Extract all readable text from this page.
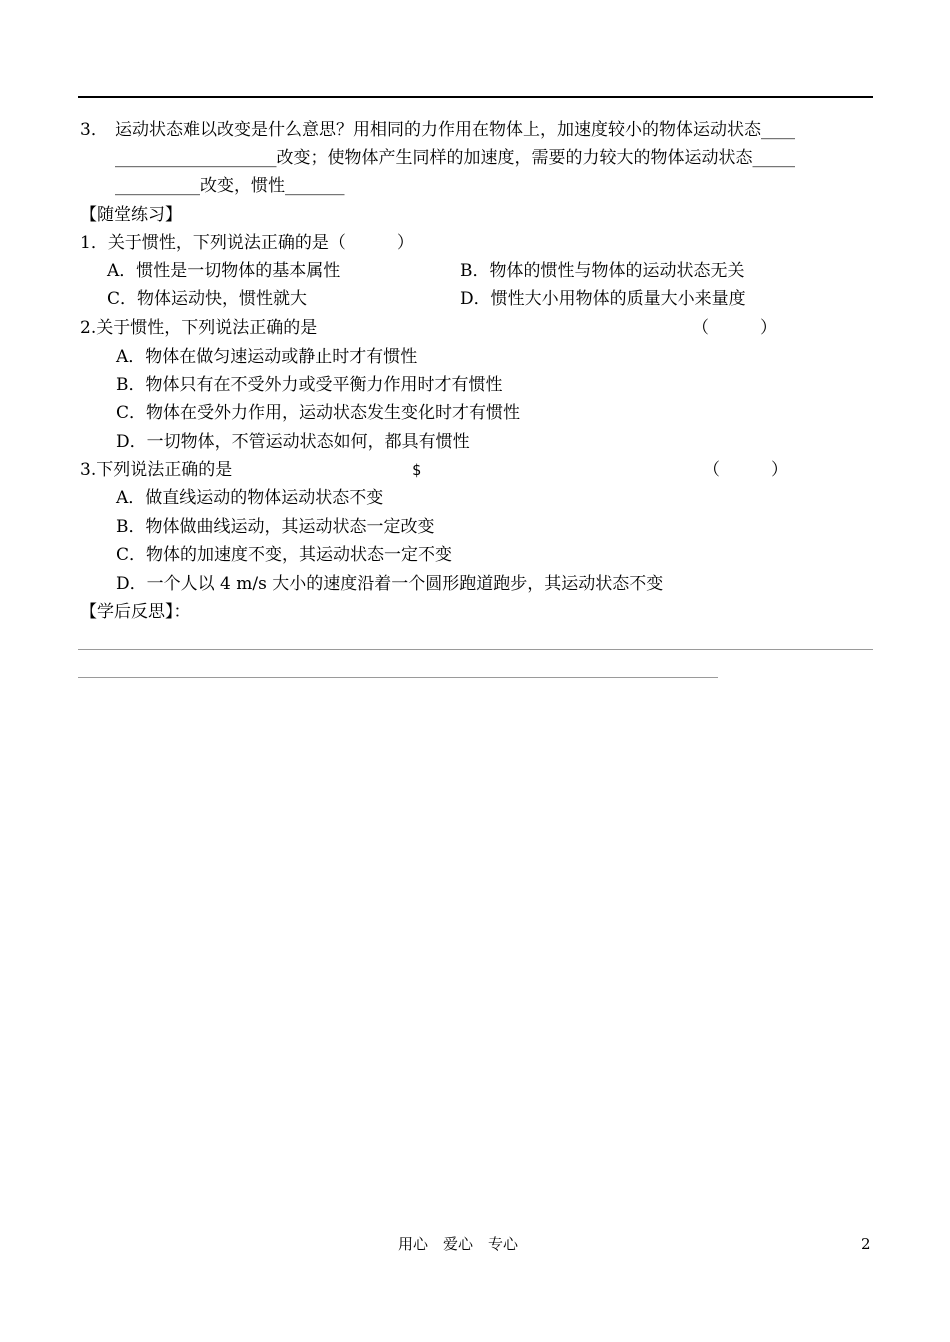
3． 运动状态难以改变是什么意思？用相同的力作用在物体上，加速度较小的物体运动状态____
___________________改变；使物体产生同样的加速度，需要的力较大的物体运动状态_____
__________改变，惯性_______
【随堂练习】
1．关于惯性，下列说法正确的是（　　　）
A．惯性是一切物体的基本属性	B．物体的惯性与物体的运动状态无关
C．物体运动快，惯性就大	D．惯性大小用物体的质量大小来量度
2.关于惯性，下列说法正确的是	（　　　）
A．物体在做匀速运动或静止时才有惯性
B．物体只有在不受外力或受平衡力作用时才有惯性
C．物体在受外力作用，运动状态发生变化时才有惯性
D．一切物体，不管运动状态如何，都具有惯性
3.下列说法正确的是	$	（　　　）
A．做直线运动的物体运动状态不变
B．物体做曲线运动，其运动状态一定改变
C．物体的加速度不变，其运动状态一定不变
D．一个人以 4 m/s 大小的速度沿着一个圆形跑道跑步，其运动状态不变
【学后反思】：
用心　爱心　专心	2
